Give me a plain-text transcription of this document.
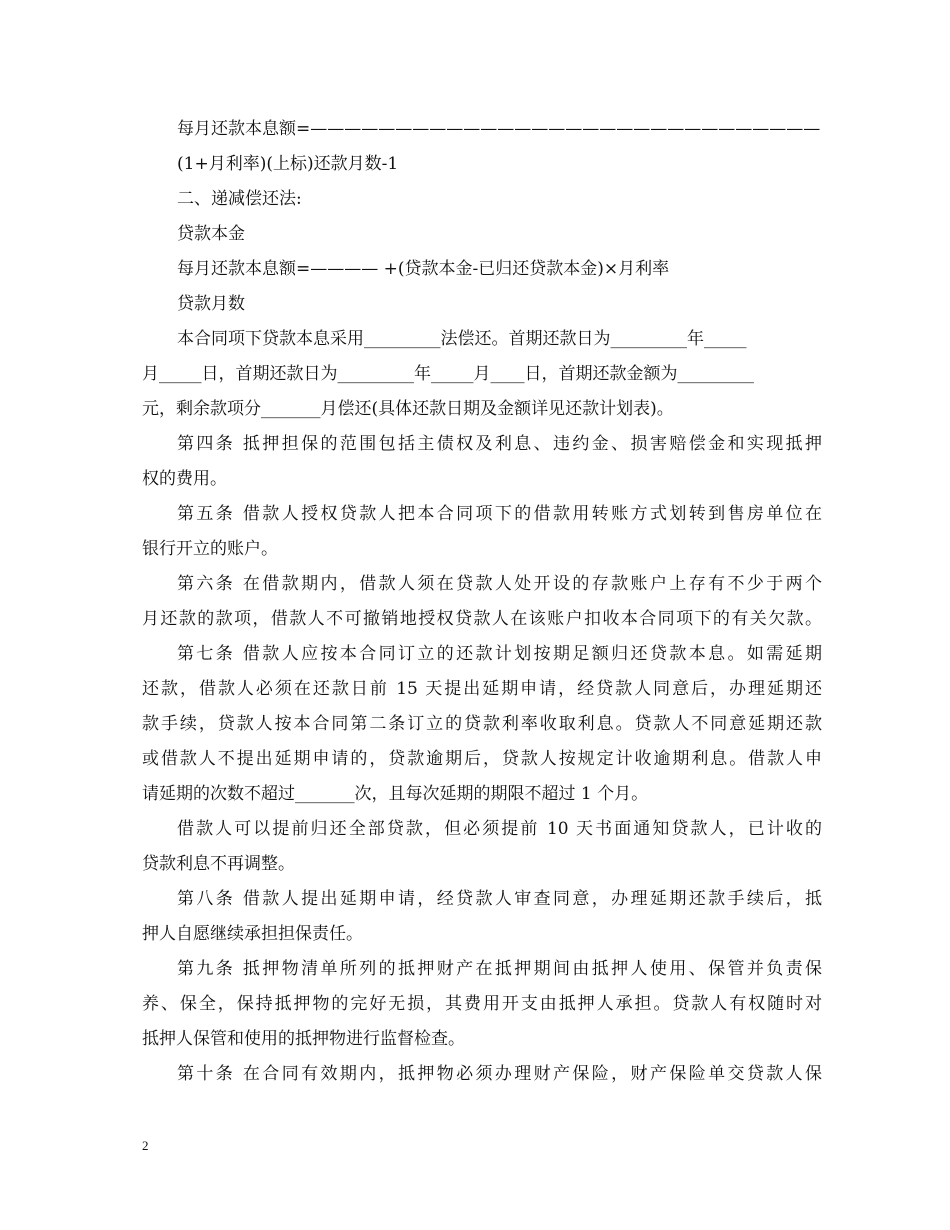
每月还款本息额=——————————————————————————————
(1+月利率)(上标)还款月数-1
二、递减偿还法:
贷款本金
每月还款本息额=———— +(贷款本金-已归还贷款本金)×月利率
贷款月数
本合同项下贷款本息采用_________法偿还。首期还款日为_________年_____
月_____日，首期还款日为_________年_____月____日，首期还款金额为_________
元，剩余款项分_______月偿还(具体还款日期及金额详见还款计划表)。
第四条 抵押担保的范围包括主债权及利息、违约金、损害赔偿金和实现抵押
权的费用。
第五条 借款人授权贷款人把本合同项下的借款用转账方式划转到售房单位在
银行开立的账户。
第六条 在借款期内，借款人须在贷款人处开设的存款账户上存有不少于两个
月还款的款项，借款人不可撤销地授权贷款人在该账户扣收本合同项下的有关欠款。
第七条 借款人应按本合同订立的还款计划按期足额归还贷款本息。如需延期
还款，借款人必须在还款日前 15 天提出延期申请，经贷款人同意后，办理延期还
款手续，贷款人按本合同第二条订立的贷款利率收取利息。贷款人不同意延期还款
或借款人不提出延期申请的，贷款逾期后，贷款人按规定计收逾期利息。借款人申
请延期的次数不超过_______次，且每次延期的期限不超过 1 个月。
借款人可以提前归还全部贷款，但必须提前 10 天书面通知贷款人，已计收的
贷款利息不再调整。
第八条 借款人提出延期申请，经贷款人审查同意，办理延期还款手续后，抵
押人自愿继续承担担保责任。
第九条 抵押物清单所列的抵押财产在抵押期间由抵押人使用、保管并负责保
养、保全，保持抵押物的完好无损，其费用开支由抵押人承担。贷款人有权随时对
抵押人保管和使用的抵押物进行监督检查。
第十条 在合同有效期内，抵押物必须办理财产保险，财产保险单交贷款人保
2
